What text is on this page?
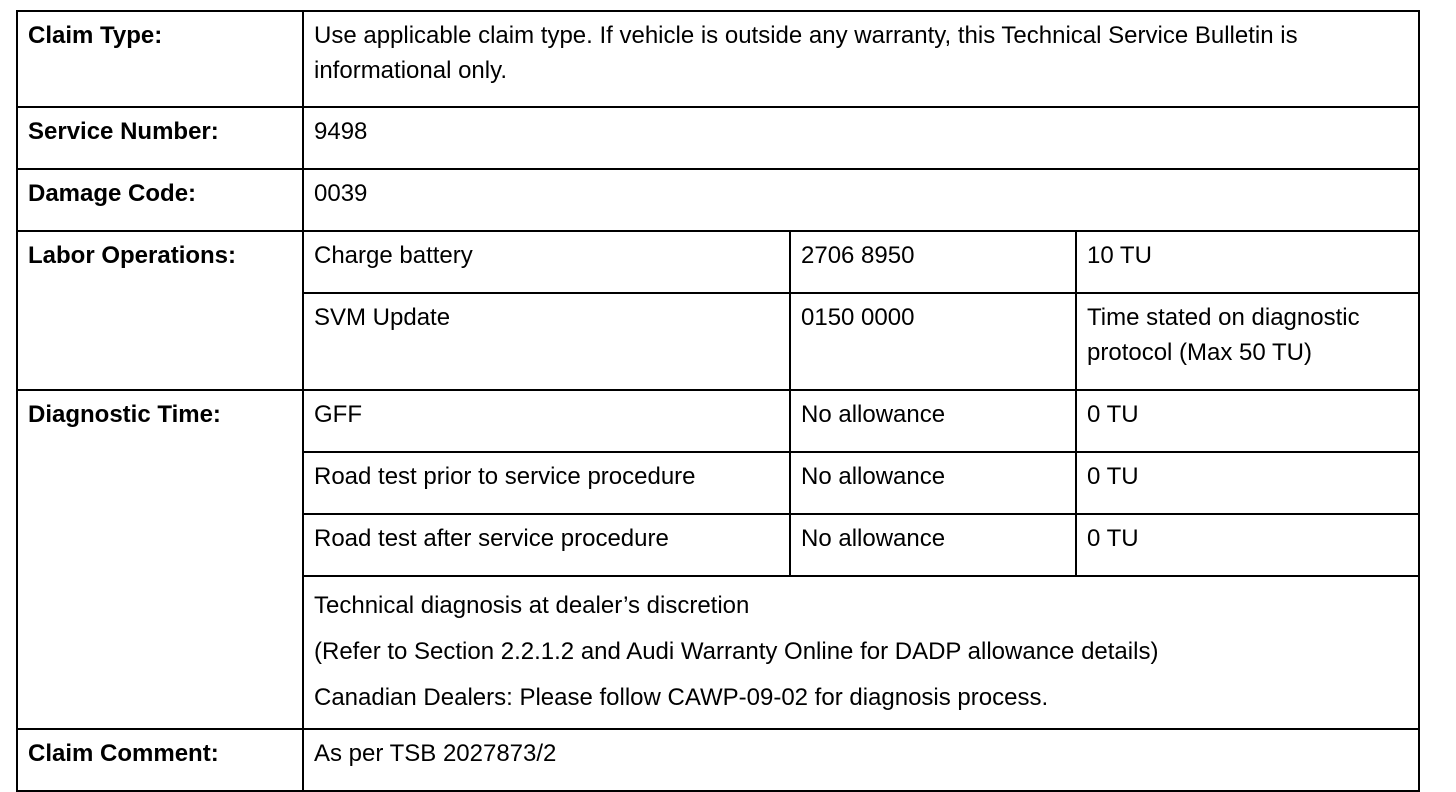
Claim Type:	Use applicable claim type. If vehicle is outside any warranty, this Technical Service Bulletin is informational only.		
Service Number:	9498		
Damage Code:	0039		
Labor Operations:	Charge battery	2706 8950	10 TU
	SVM Update	0150 0000	Time stated on diagnostic protocol (Max 50 TU)
Diagnostic Time:	GFF	No allowance	0 TU
	Road test prior to service procedure	No allowance	0 TU
	Road test after service procedure	No allowance	0 TU

	Technical diagnosis at dealer’s discretion
(Refer to Section 2.2.1.2 and Audi Warranty Online for DADP allowance details)
Canadian Dealers: Please follow CAWP-09-02 for diagnosis process.		

Claim Comment:	As per TSB 2027873/2		
